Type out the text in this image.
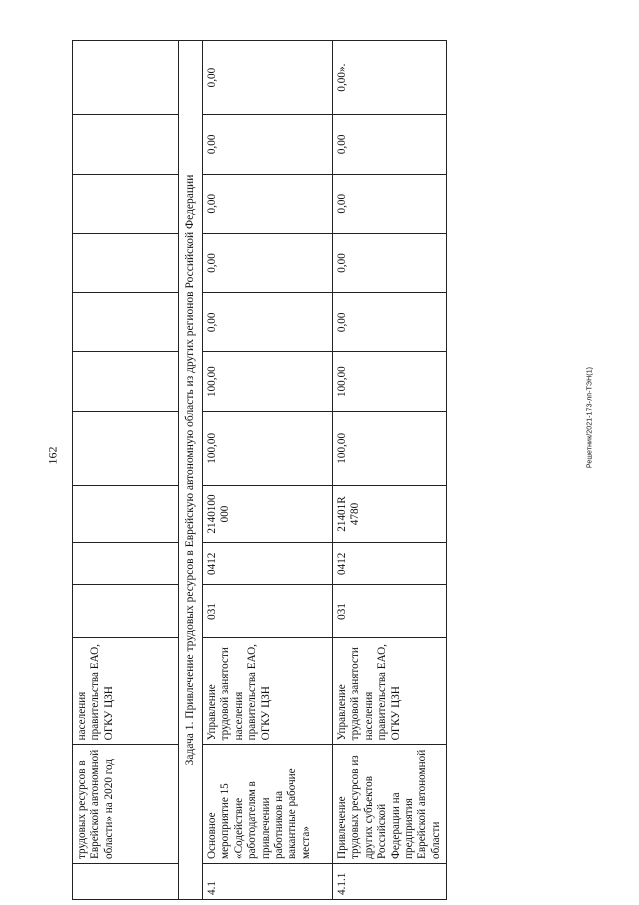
162	Решетник/2021-173-лп-ТЭН(1)
	трудовых ресурсов в Еврейской автономной области» на 2020 год	населения правительства ЕАО, ОГКУ ЦЗН										
Задача 1. Привлечение трудовых ресурсов в Еврейскую автономную область из других регионов Российской Федерации												
4.1	Основное мероприятие 15 «Содействие работодателям в привлечении работников на вакантные рабочие места»	Управление трудовой занятости населения правительства ЕАО, ОГКУ ЦЗН	031	0412	2140100 000	100,00	100,00	0,00	0,00	0,00	0,00	0,00
4.1.1	Привлечение трудовых ресурсов из других субъектов Российской Федерации на предприятия Еврейской автономной области	Управление трудовой занятости населения правительства ЕАО, ОГКУ ЦЗН	031	0412	21401R 4780	100,00	100,00	0,00	0,00	0,00	0,00	0,00».
